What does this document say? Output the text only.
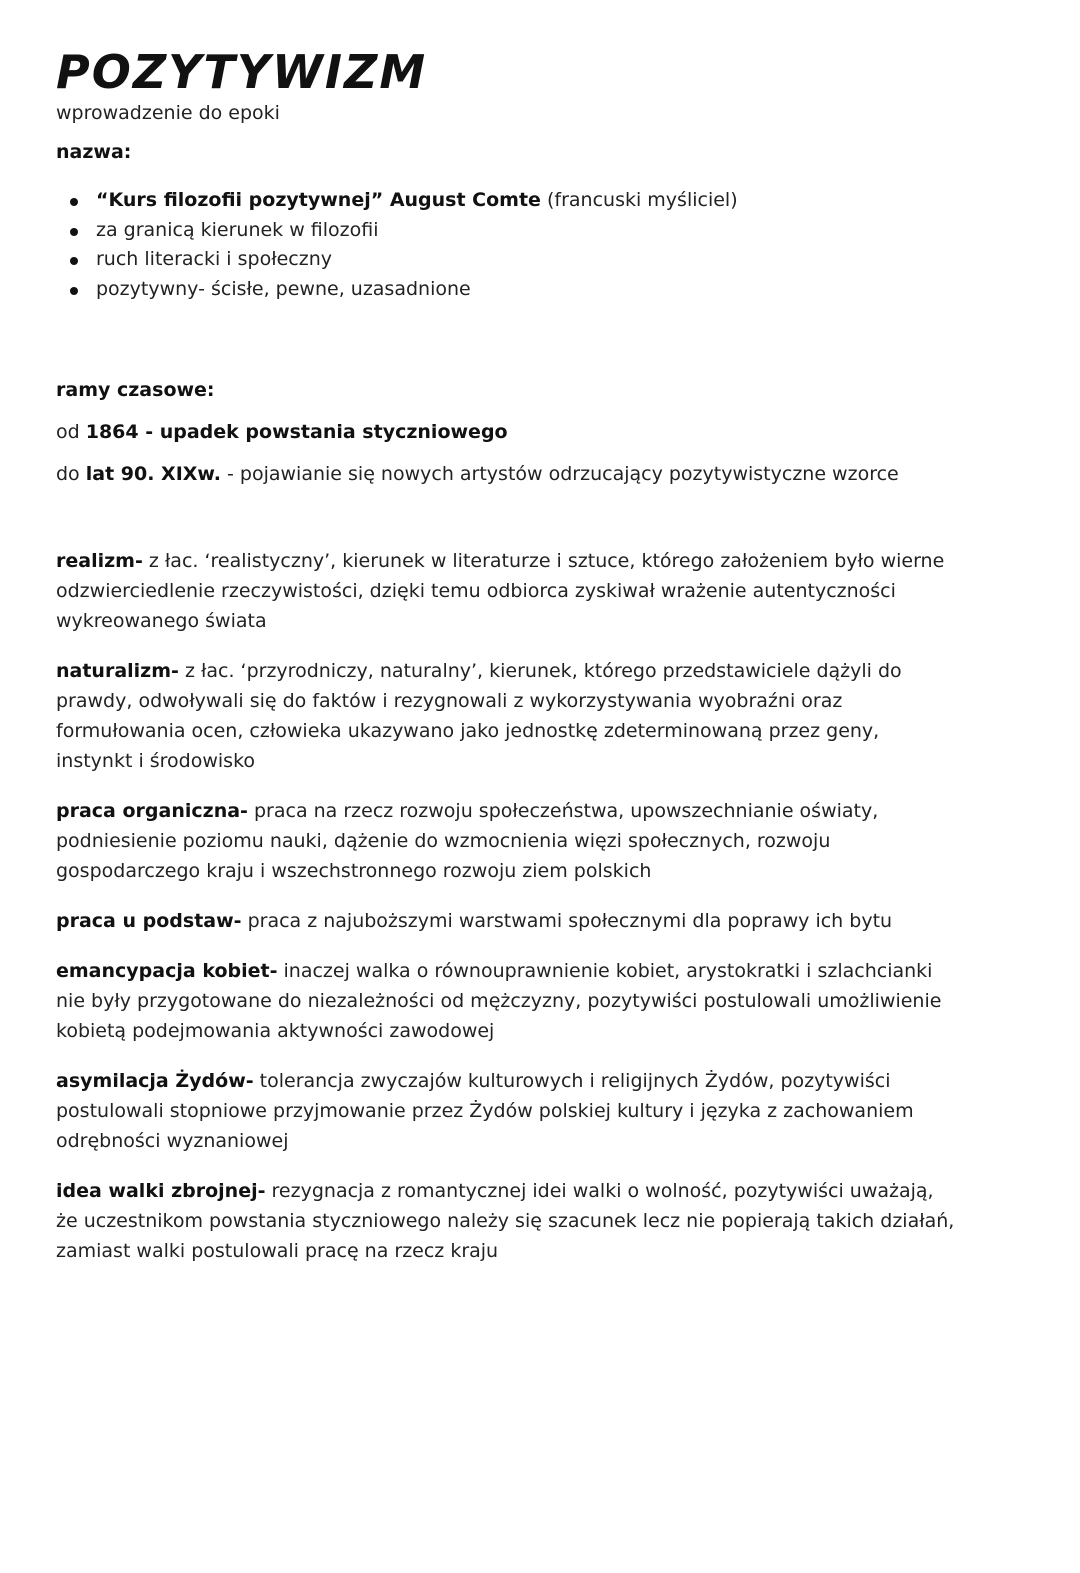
POZYTYWIZM

wprowadzenie do epoki

nazwa:

“Kurs filozofii pozytywnej” August Comte (francuski myśliciel)
za granicą kierunek w filozofii
ruch literacki i społeczny
pozytywny- ścisłe, pewne, uzasadnione

ramy czasowe:

od 1864 - upadek powstania styczniowego

do lat 90. XIXw. - pojawianie się nowych artystów odrzucający pozytywistyczne wzorce

realizm- z łac. ‘realistyczny’, kierunek w literaturze i sztuce, którego założeniem było wierne odzwierciedlenie rzeczywistości, dzięki temu odbiorca zyskiwał wrażenie autentyczności wykreowanego świata

naturalizm- z łac. ‘przyrodniczy, naturalny’, kierunek, którego przedstawiciele dążyli do prawdy, odwoływali się do faktów i rezygnowali z wykorzystywania wyobraźni oraz formułowania ocen, człowieka ukazywano jako jednostkę zdeterminowaną przez geny, instynkt i środowisko

praca organiczna- praca na rzecz rozwoju społeczeństwa, upowszechnianie oświaty, podniesienie poziomu nauki, dążenie do wzmocnienia więzi społecznych, rozwoju gospodarczego kraju i wszechstronnego rozwoju ziem polskich

praca u podstaw- praca z najuboższymi warstwami społecznymi dla poprawy ich bytu

emancypacja kobiet- inaczej walka o równouprawnienie kobiet, arystokratki i szlachcianki nie były przygotowane do niezależności od mężczyzny, pozytywiści postulowali umożliwienie kobietą podejmowania aktywności zawodowej

asymilacja Żydów- tolerancja zwyczajów kulturowych i religijnych Żydów, pozytywiści postulowali stopniowe przyjmowanie przez Żydów polskiej kultury i języka z zachowaniem odrębności wyznaniowej

idea walki zbrojnej- rezygnacja z romantycznej idei walki o wolność, pozytywiści uważają, że uczestnikom powstania styczniowego należy się szacunek lecz nie popierają takich działań, zamiast walki postulowali pracę na rzecz kraju
